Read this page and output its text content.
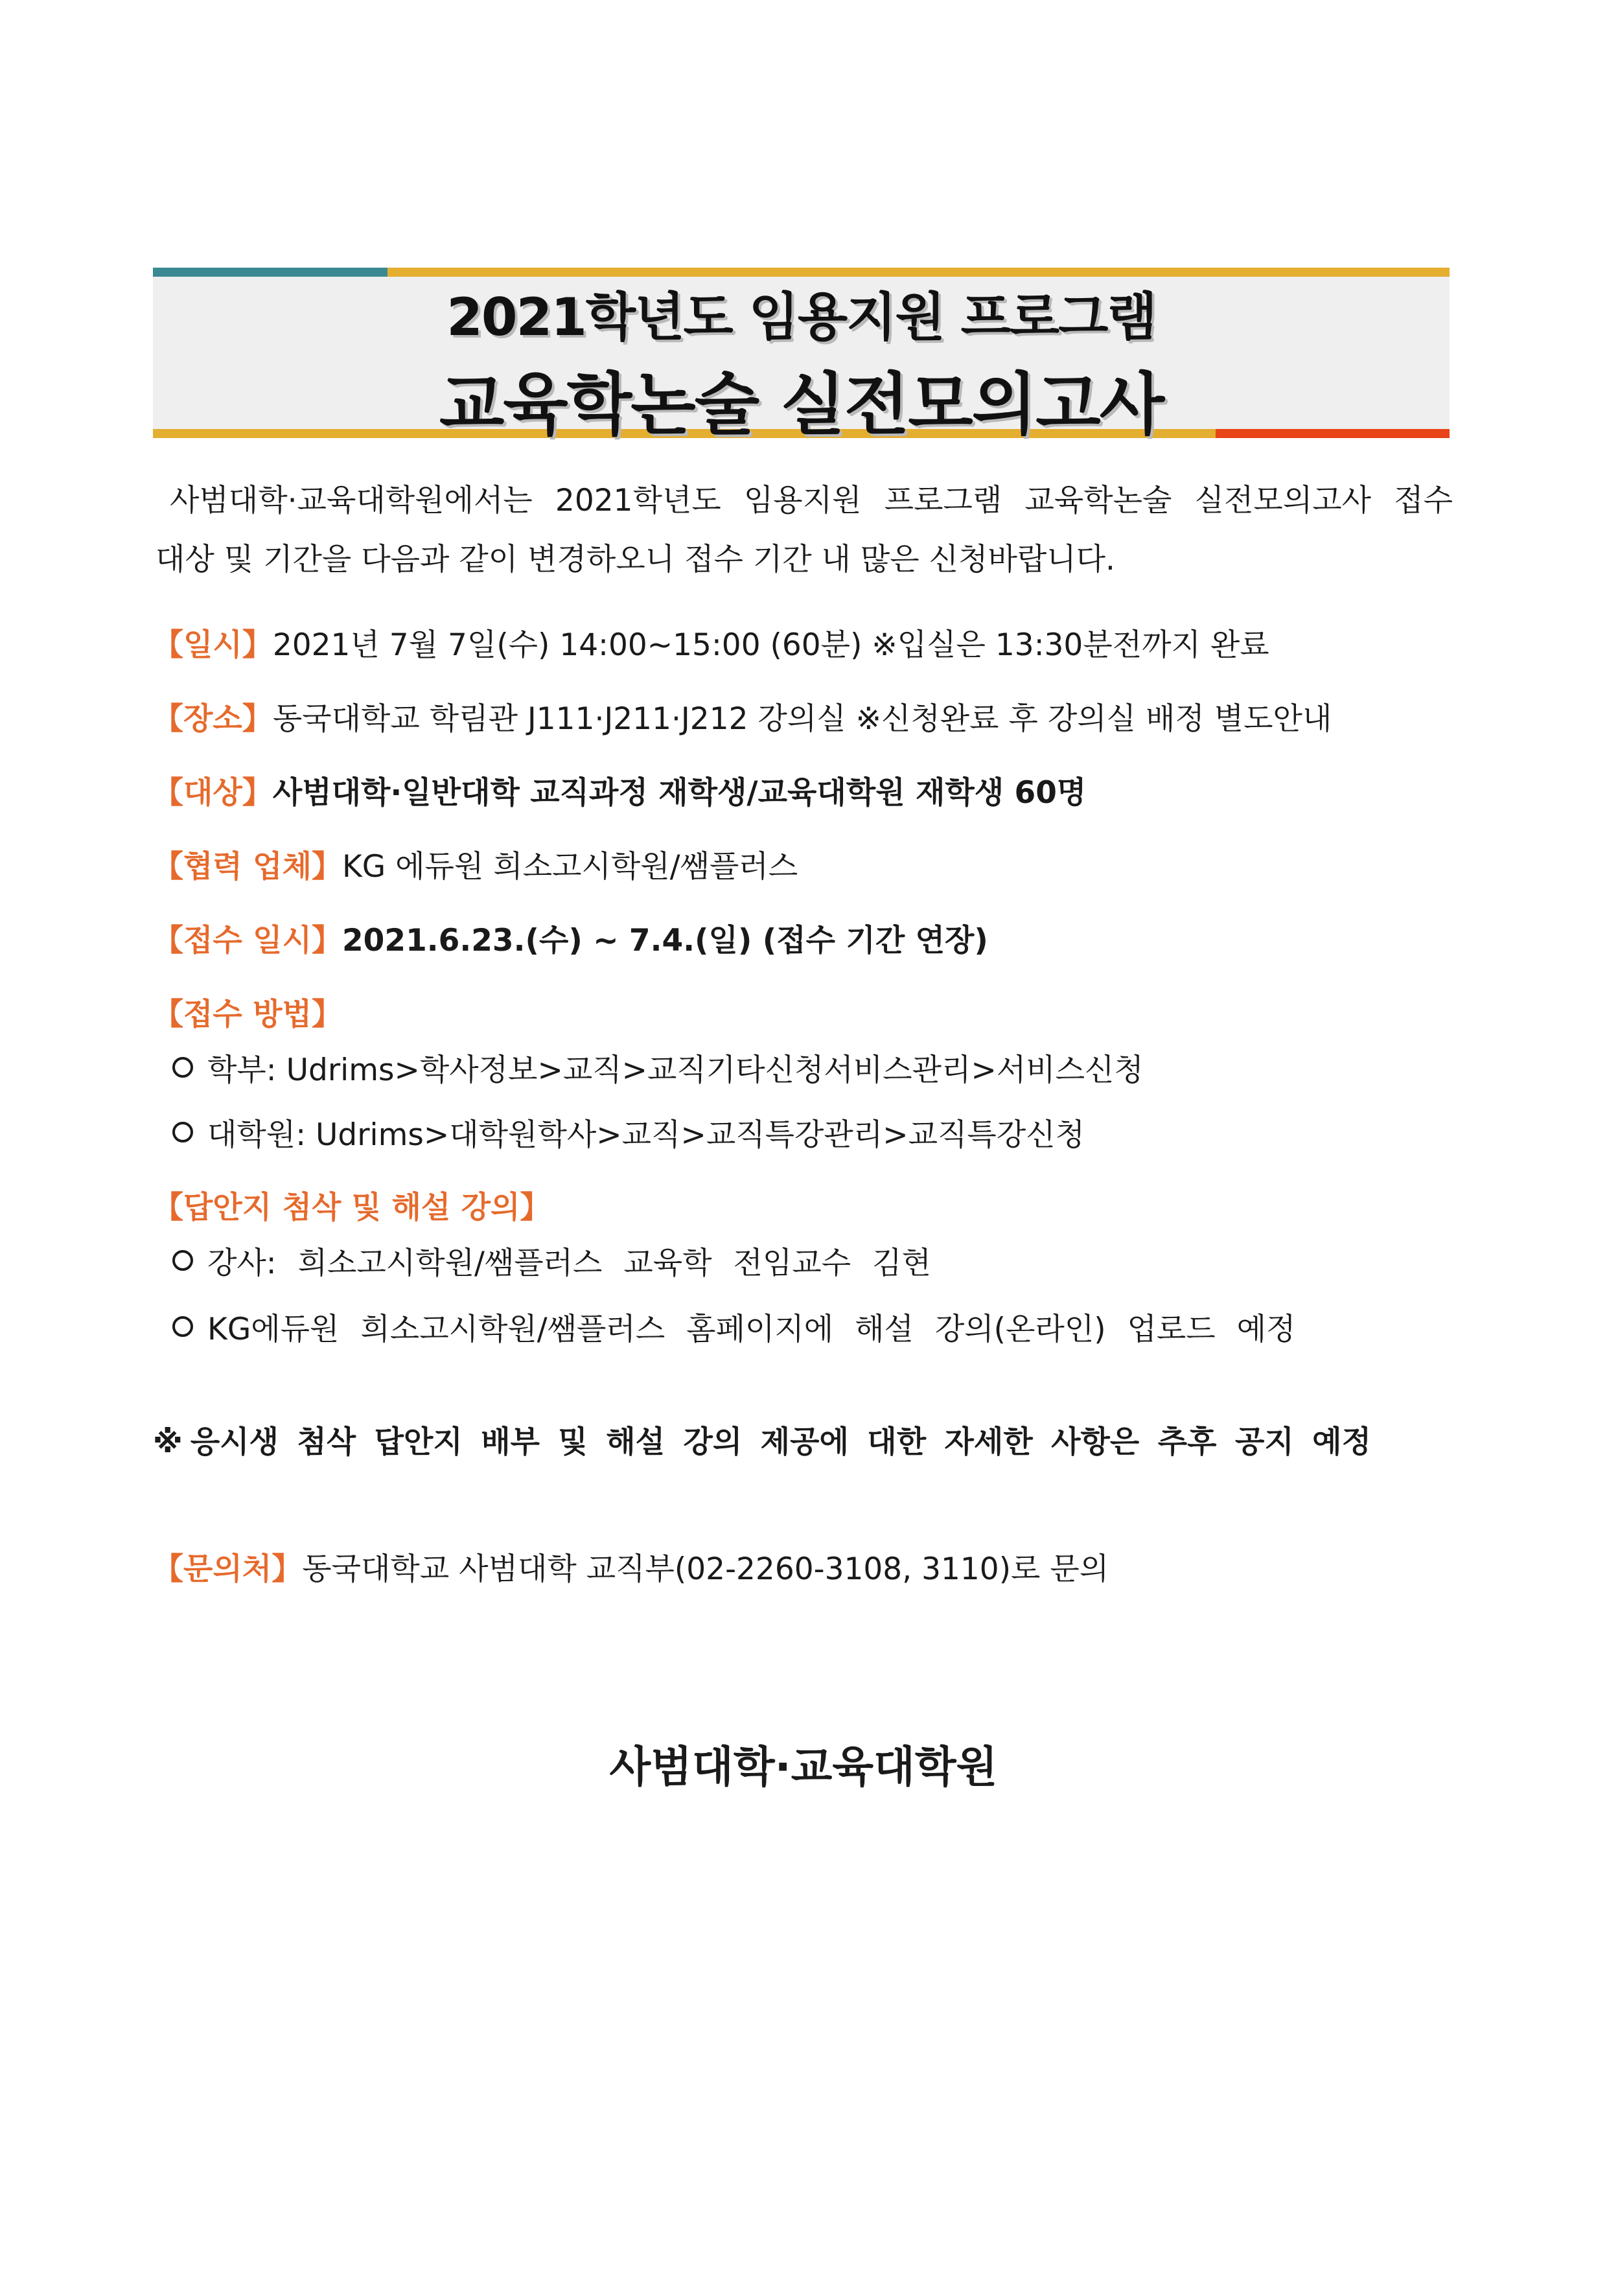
2021학년도 임용지원 프로그램
교육학논술 실전모의고사
사범대학·교육대학원에서는 2021학년도 임용지원 프로그램 교육학논술 실전모의고사 접수
대상 및 기간을 다음과 같이 변경하오니 접수 기간 내 많은 신청바랍니다.
【일시】2021년 7월 7일(수) 14:00~15:00 (60분) ※입실은 13:30분전까지 완료
【장소】동국대학교 학림관 J111·J211·J212 강의실 ※신청완료 후 강의실 배정 별도안내
【대상】사범대학·일반대학 교직과정 재학생/교육대학원 재학생 60명
【협력 업체】KG 에듀원 희소고시학원/쌤플러스
【접수 일시】2021.6.23.(수) ~ 7.4.(일) (접수 기간 연장)
【접수 방법】
학부: Udrims>학사정보>교직>교직기타신청서비스관리>서비스신청
대학원: Udrims>대학원학사>교직>교직특강관리>교직특강신청
【답안지 첨삭 및 해설 강의】
강사: 희소고시학원/쌤플러스 교육학 전임교수 김현
KG에듀원 희소고시학원/쌤플러스 홈페이지에 해설 강의(온라인) 업로드 예정
※응시생 첨삭 답안지 배부 및 해설 강의 제공에 대한 자세한 사항은 추후 공지 예정
【문의처】동국대학교 사범대학 교직부(02-2260-3108, 3110)로 문의
사범대학·교육대학원
